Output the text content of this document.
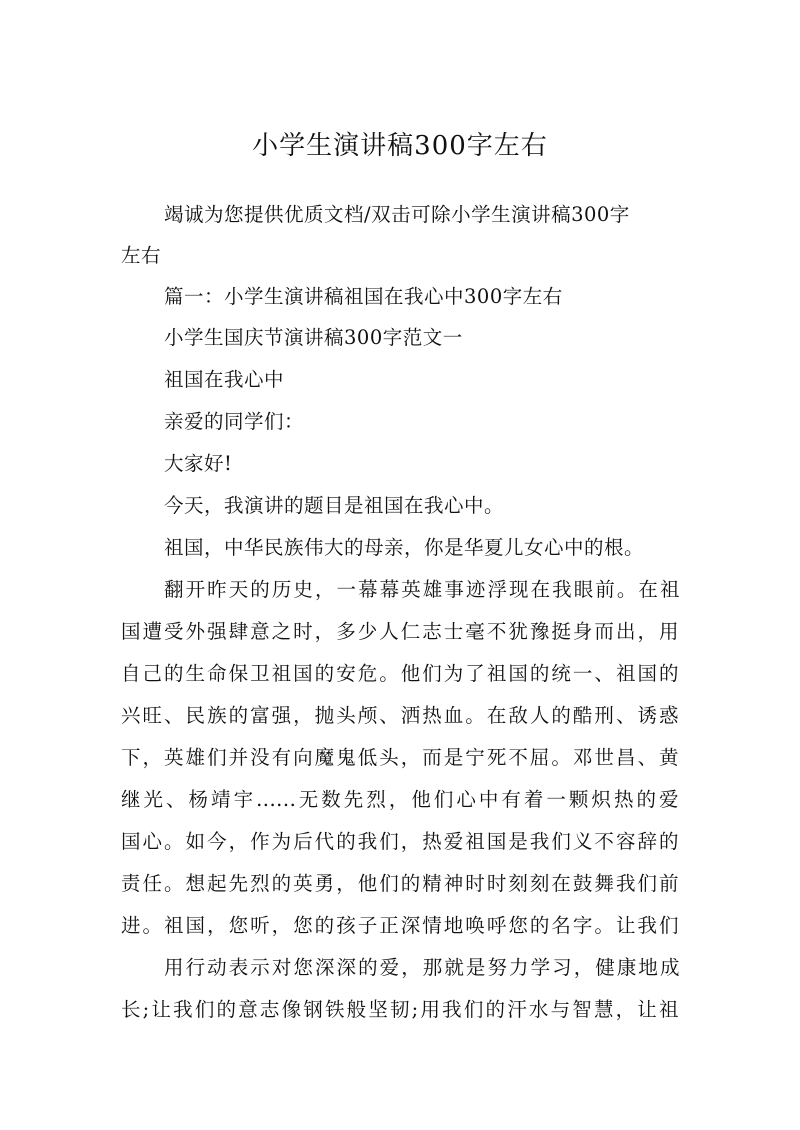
小学生演讲稿300字左右
竭诚为您提供优质文档/双击可除小学生演讲稿300字
左右
篇一：小学生演讲稿祖国在我心中300字左右
小学生国庆节演讲稿300字范文一
祖国在我心中
亲爱的同学们：
大家好!
今天，我演讲的题目是祖国在我心中。
祖国，中华民族伟大的母亲，你是华夏儿女心中的根。
翻开昨天的历史，一幕幕英雄事迹浮现在我眼前。在祖
国遭受外强肆意之时，多少人仁志士毫不犹豫挺身而出，用
自己的生命保卫祖国的安危。他们为了祖国的统一、祖国的
兴旺、民族的富强，抛头颅、洒热血。在敌人的酷刑、诱惑
下，英雄们并没有向魔鬼低头，而是宁死不屈。邓世昌、黄
继光、杨靖宇......无数先烈，他们心中有着一颗炽热的爱
国心。如今，作为后代的我们，热爱祖国是我们义不容辞的
责任。想起先烈的英勇，他们的精神时时刻刻在鼓舞我们前
进。祖国，您听，您的孩子正深情地唤呼您的名字。让我们
用行动表示对您深深的爱，那就是努力学习，健康地成
长;让我们的意志像钢铁般坚韧;用我们的汗水与智慧，让祖
